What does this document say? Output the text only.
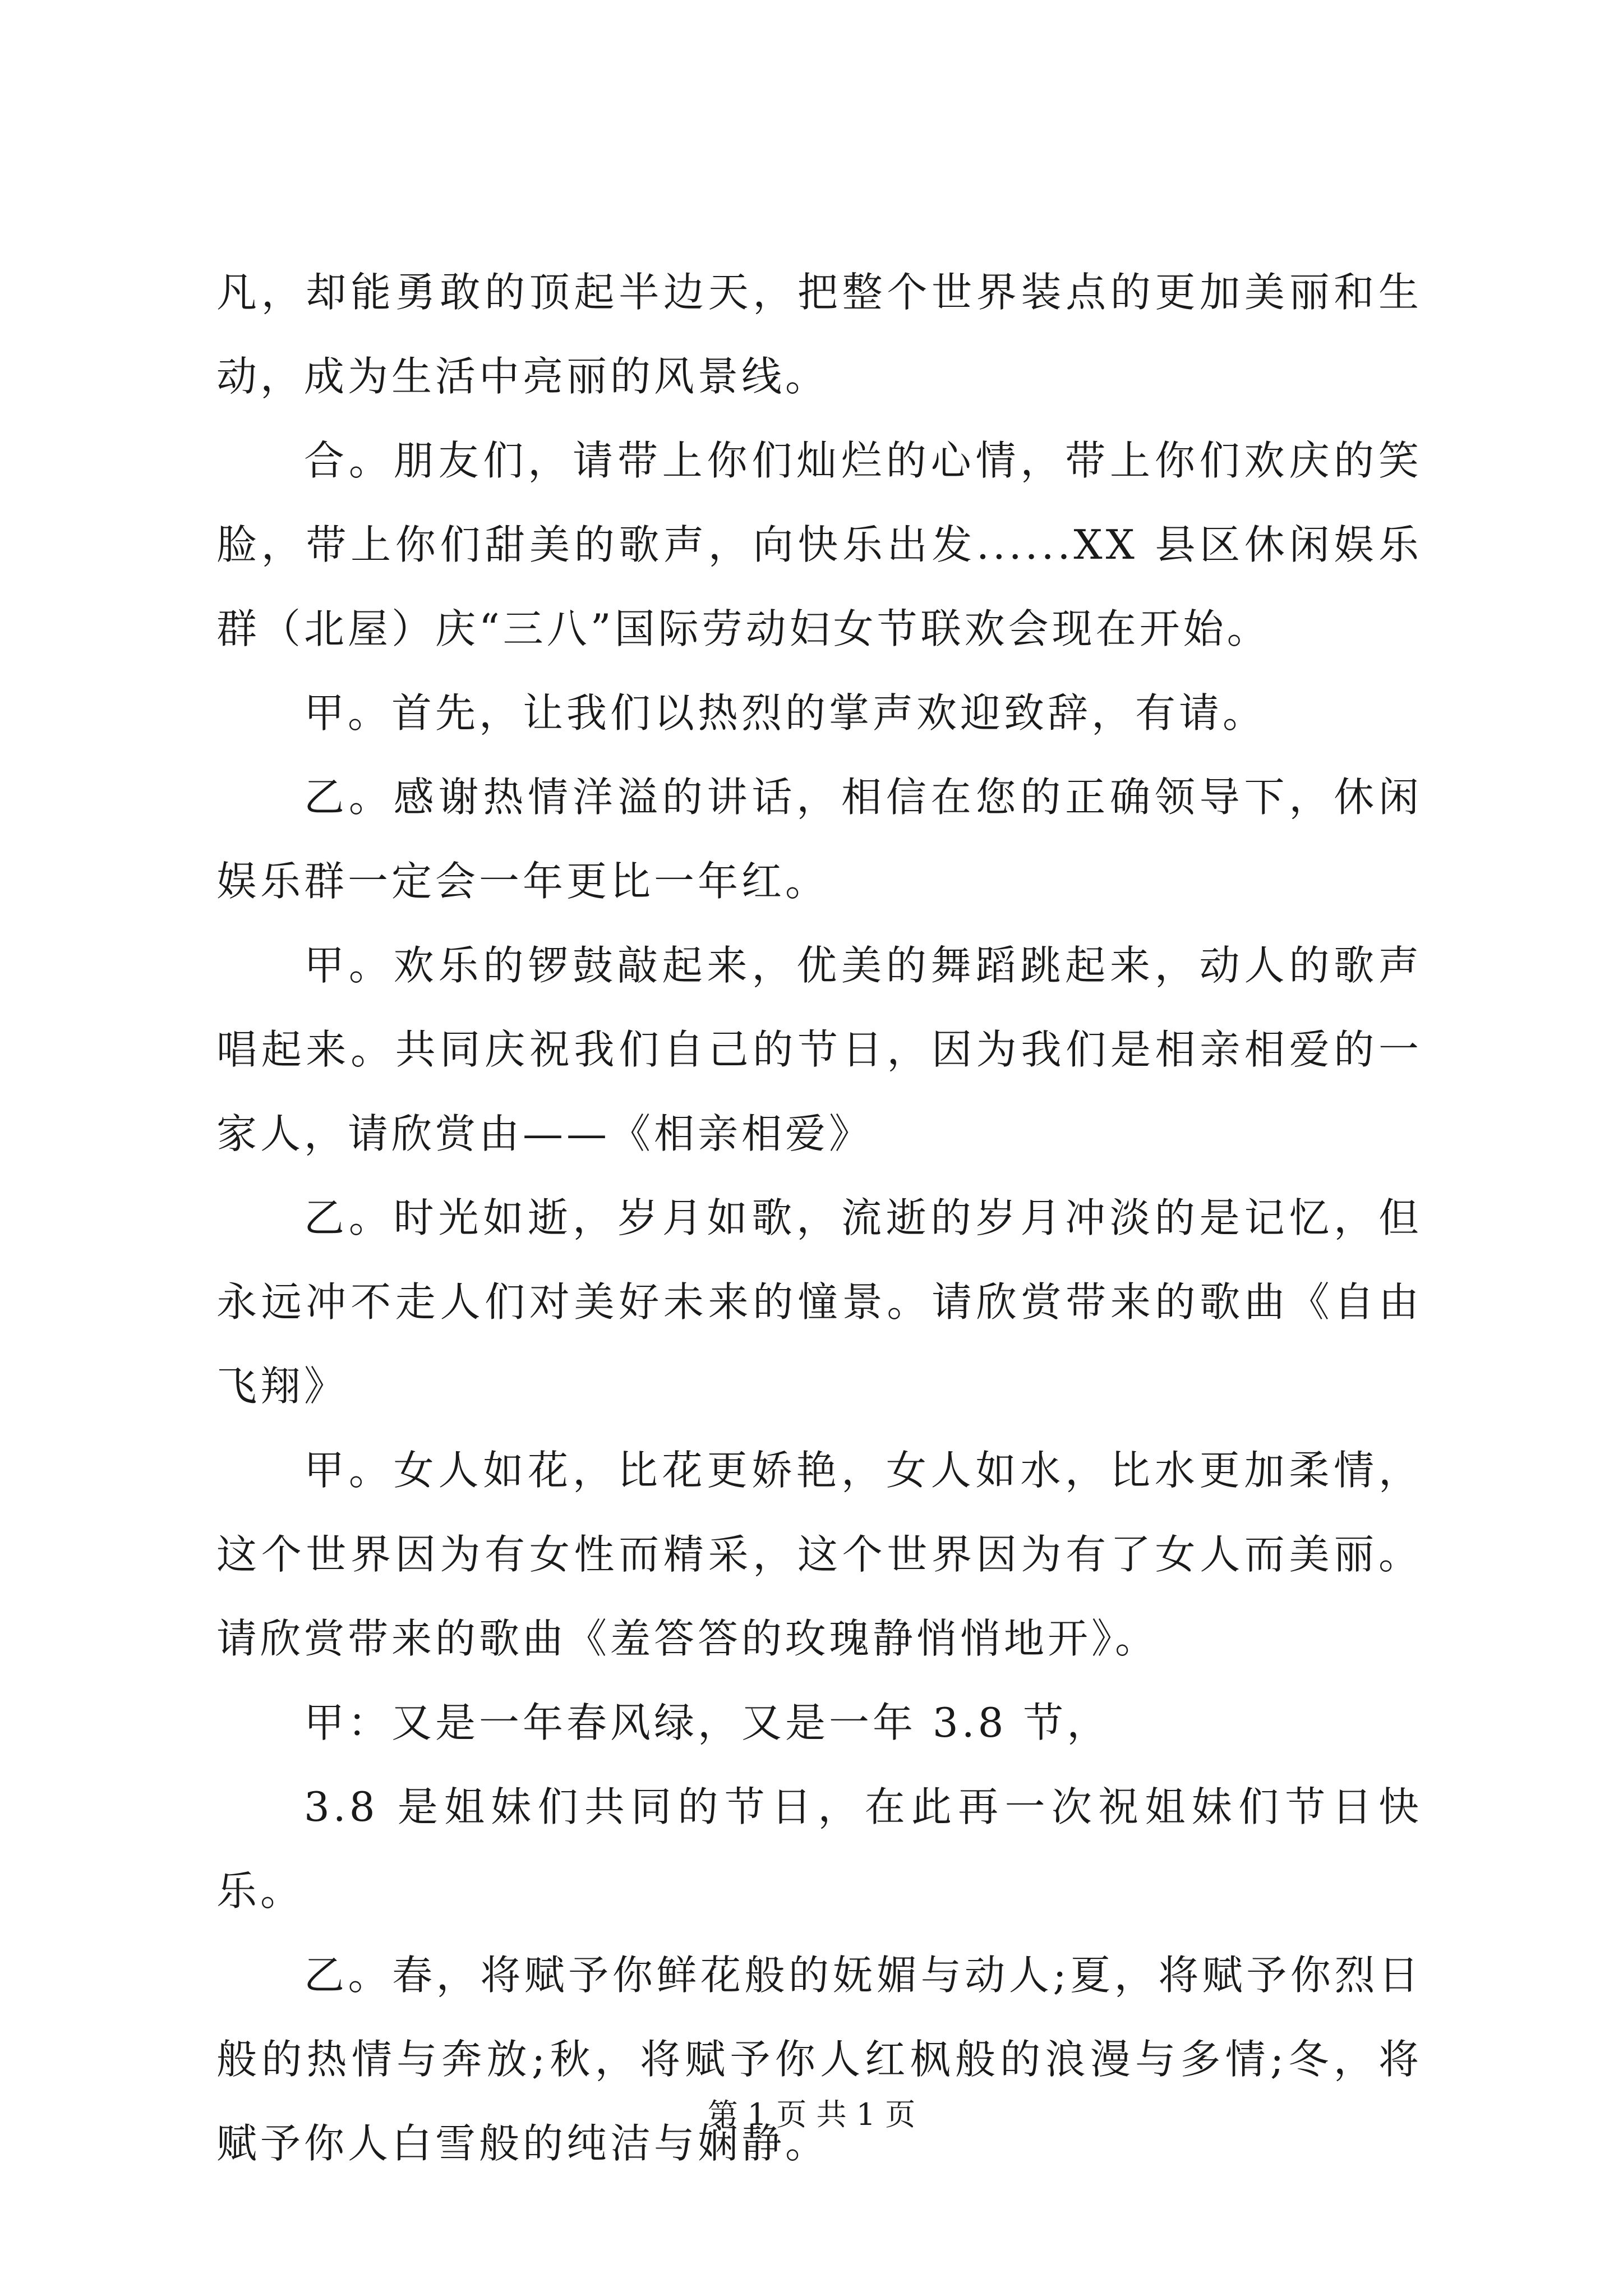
凡，却能勇敢的顶起半边天，把整个世界装点的更加美丽和生动，成为生活中亮丽的风景线。

合。朋友们，请带上你们灿烂的心情，带上你们欢庆的笑脸，带上你们甜美的歌声，向快乐出发......XX 县区休闲娱乐群（北屋）庆“三八”国际劳动妇女节联欢会现在开始。

甲。首先，让我们以热烈的掌声欢迎致辞，有请。

乙。感谢热情洋溢的讲话，相信在您的正确领导下，休闲娱乐群一定会一年更比一年红。

甲。欢乐的锣鼓敲起来，优美的舞蹈跳起来，动人的歌声唱起来。共同庆祝我们自己的节日，因为我们是相亲相爱的一家人，请欣赏由——《相亲相爱》

乙。时光如逝，岁月如歌，流逝的岁月冲淡的是记忆，但永远冲不走人们对美好未来的憧景。请欣赏带来的歌曲《自由飞翔》

甲。女人如花，比花更娇艳，女人如水，比水更加柔情，这个世界因为有女性而精采，这个世界因为有了女人而美丽。请欣赏带来的歌曲《羞答答的玫瑰静悄悄地开》。

甲：又是一年春风绿，又是一年 3.8 节，

3.8 是姐妹们共同的节日，在此再一次祝姐妹们节日快乐。

乙。春，将赋予你鲜花般的妩媚与动人;夏，将赋予你烈日般的热情与奔放;秋，将赋予你人红枫般的浪漫与多情;冬，将赋予你人白雪般的纯洁与娴静。

第 1 页 共 1 页
